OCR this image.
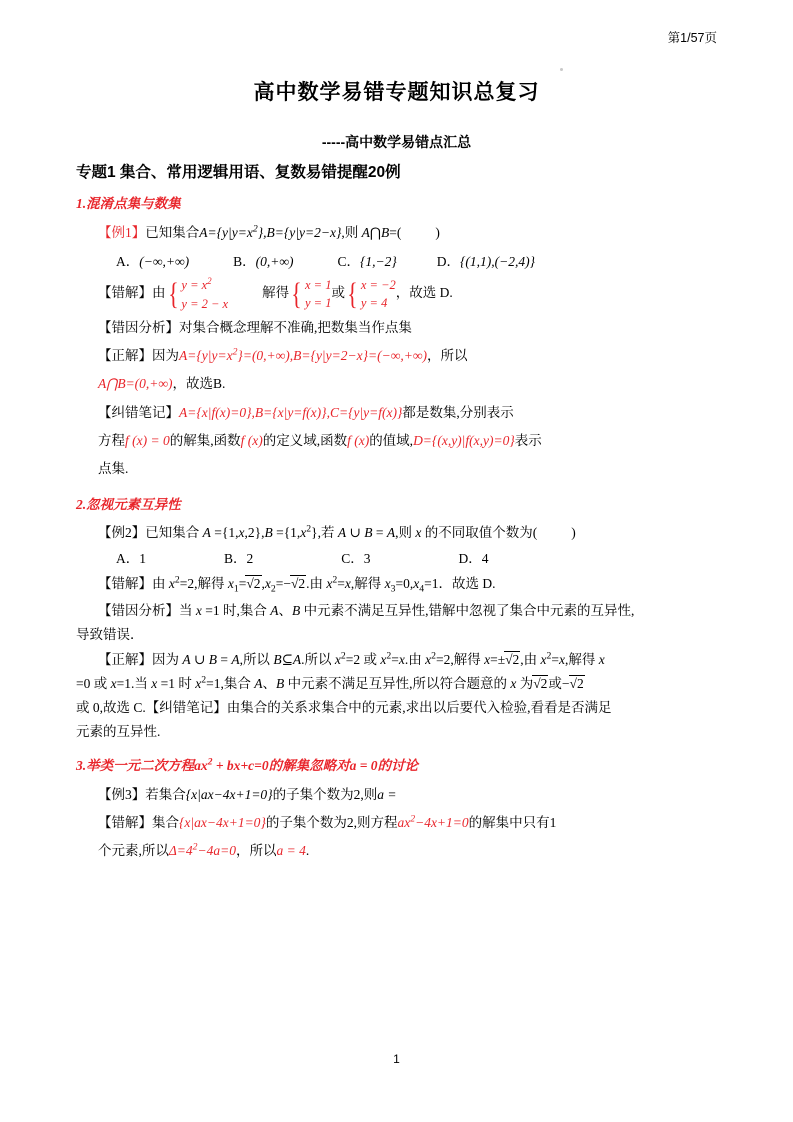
第1/57页
高中数学易错专题知识总复习
-----高中数学易错点汇总
专题1 集合、常用逻辑用语、复数易错提醒20例
1.混淆点集与数集
【例1】已知集合$A=\{y|y=x^2\},B=\{y|y=2-x\}$,则 A⋂B=(	)
A．(−∞,+∞)	B．(0,+∞)	C．{1,−2}	D．{(1,1),(−2,4)}
【错解】由 { $y = x^2$
y = 2 − x
解得 { x = 1
y = 1
或 { x = −2
y = 4
，故选 D.
【错因分析】对集合概念理解不准确,把数集当作点集
【正解】因为$A=\{y|y=x^2\}=(0,+\infty),B=\{y|y=2-x\}=(-\infty,+\infty)$，所以
A⋂B=(0,+∞)，故选B.
【纠错笔记】A={x|f(x)=0},B={x|y=f(x)},C={y|y=f(x)}都是数集,分别表示
方程f (x) = 0的解集,函数f (x)的定义域,函数f (x)的值域,D={(x,y)|f(x,y)=0}表示
点集.
2.忽视元素互异性
【例2】已知集合 $A =\{1,x,2\},B =\{1,x^2\}$,若 A ∪ B = A,则 x 的不同取值个数为(	)
A．1	B．2	C．3	D．4
【错解】由 $x^2=2$,解得 $x_1=√2,x_2=-√2$.由 $x^2=x$,解得 $x_3=0,x_4=1$．故选 D.
【错因分析】当 x =1 时,集合 A、B 中元素不满足互异性,错解中忽视了集合中元素的互异性,
导致错误．
【正解】因为 A ∪ B = A,所以 B⊆A.所以 $x^2=2$ 或 $x^2=x$.由 $x^2=2$,解得 x=±√2,由 $x^2=x$,解得 x
=0 或 x=1.当 x =1 时 $x^2=1$,集合 A、B 中元素不满足互异性,所以符合题意的 x 为√2或−√2
或 0,故选 C.【纠错笔记】由集合的关系求集合中的元素,求出以后要代入检验,看看是否满足
元素的互异性.
3.举类一元二次方程$ax^2 + bx+c=0$的解集忽略对a = 0的讨论
【例3】若集合{x|ax−4x+1=0}的子集个数为2,则a =
【错解】集合{x|ax−4x+1=0}的子集个数为2,则方程$ax^2-4x+1=0$的解集中只有1
个元素,所以$\Delta=4^2-4a=0$，所以a = 4.
1
